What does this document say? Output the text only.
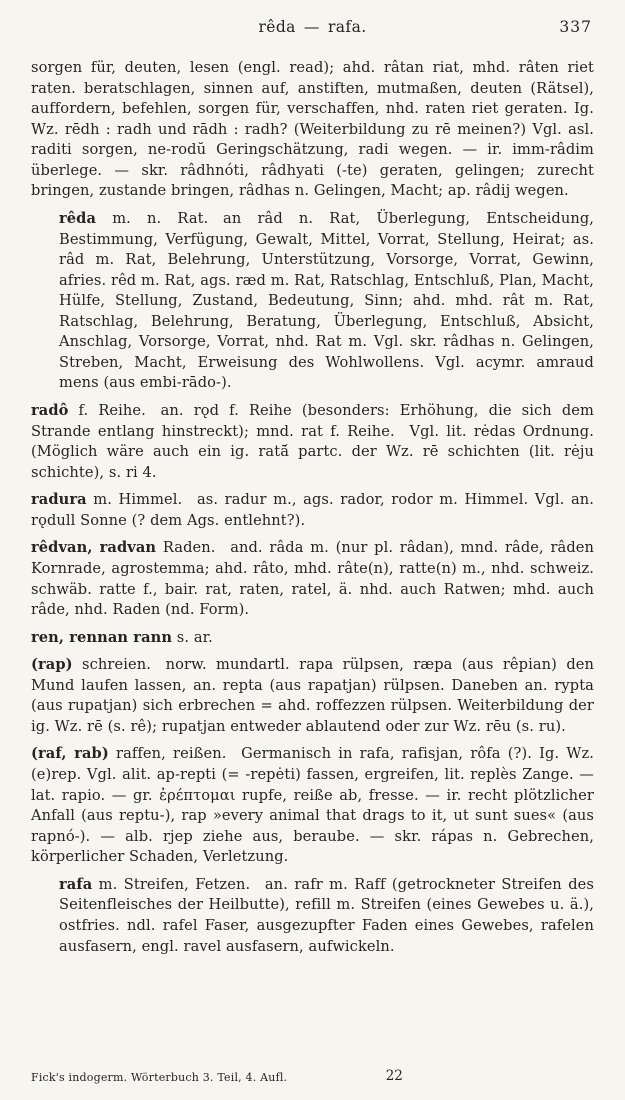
rêda — rafa.	337

sorgen für, deuten, lesen (engl. read); ahd. râtan riat, mhd. râten riet raten. beratschlagen, sinnen auf, anstiften, mutmaßen, deuten (Rätsel), auffordern, befehlen, sorgen für, verschaffen, nhd. raten riet geraten. Ig. Wz. rēdh : radh und rādh : radh? (Weiterbildung zu rē meinen?) Vgl. asl. raditi sorgen, ne-rodŭ Geringschätzung, radi wegen. — ir. imm-râdim überlege. — skr. râdhnóti, râdhyati (-te) geraten, gelingen; zurecht bringen, zustande bringen, râdhas n. Gelingen, Macht; ap. râdij wegen.

rêda m. n. Rat. an râd n. Rat, Überlegung, Entscheidung, Bestimmung, Verfügung, Gewalt, Mittel, Vorrat, Stellung, Heirat; as. râd m. Rat, Belehrung, Unterstützung, Vorsorge, Vorrat, Gewinn, afries. rêd m. Rat, ags. ræd m. Rat, Ratschlag, Entschluß, Plan, Macht, Hülfe, Stellung, Zustand, Bedeutung, Sinn; ahd. mhd. rât m. Rat, Ratschlag, Belehrung, Beratung, Überlegung, Entschluß, Absicht, Anschlag, Vorsorge, Vorrat, nhd. Rat m. Vgl. skr. râdhas n. Gelingen, Streben, Macht, Erweisung des Wohlwollens. Vgl. acymr. amraud mens (aus embi-rādo-).

radô f. Reihe. an. rǫd f. Reihe (besonders: Erhöhung, die sich dem Strande entlang hinstreckt); mnd. rat f. Reihe. Vgl. lit. rėdas Ordnung. (Möglich wäre auch ein ig. ratā́ partc. der Wz. rē schichten (lit. rėju schichte), s. ri 4.

radura m. Himmel. as. radur m., ags. rador, rodor m. Himmel. Vgl. an. rǫdull Sonne (? dem Ags. entlehnt?).

rêdvan, radvan Raden. and. râda m. (nur pl. râdan), mnd. râde, râden Kornrade, agrostemma; ahd. râto, mhd. râte(n), ratte(n) m., nhd. schweiz. schwäb. ratte f., bair. rat, raten, ratel, ä. nhd. auch Ratwen; mhd. auch râde, nhd. Raden (nd. Form).

ren, rennan rann s. ar.

(rap) schreien. norw. mundartl. rapa rülpsen, ræpa (aus rêpian) den Mund laufen lassen, an. repta (aus rapatjan) rülpsen. Daneben an. rypta (aus rupatjan) sich erbrechen = ahd. roffezzen rülpsen. Weiterbildung der ig. Wz. rē (s. rê); rupatjan entweder ablautend oder zur Wz. rēu (s. ru).

(raf, rab) raffen, reißen. Germanisch in rafa, rafisjan, rôfa (?). Ig. Wz. (e)rep. Vgl. alit. ap-repti (= -repėti) fassen, ergreifen, lit. replès Zange. — lat. rapio. — gr. ἐρέπτομαι rupfe, reiße ab, fresse. — ir. recht plötzlicher Anfall (aus reptu-), rap »every animal that drags to it, ut sunt sues« (aus rapnó-). — alb. rjep ziehe aus, beraube. — skr. rápas n. Gebrechen, körperlicher Schaden, Verletzung.

rafa m. Streifen, Fetzen. an. rafr m. Raff (getrockneter Streifen des Seitenfleisches der Heilbutte), refill m. Streifen (eines Gewebes u. ä.), ostfries. ndl. rafel Faser, ausgezupfter Faden eines Gewebes, rafelen ausfasern, engl. ravel ausfasern, aufwickeln.

Fick's indogerm. Wörterbuch 3. Teil, 4. Aufl.	22
